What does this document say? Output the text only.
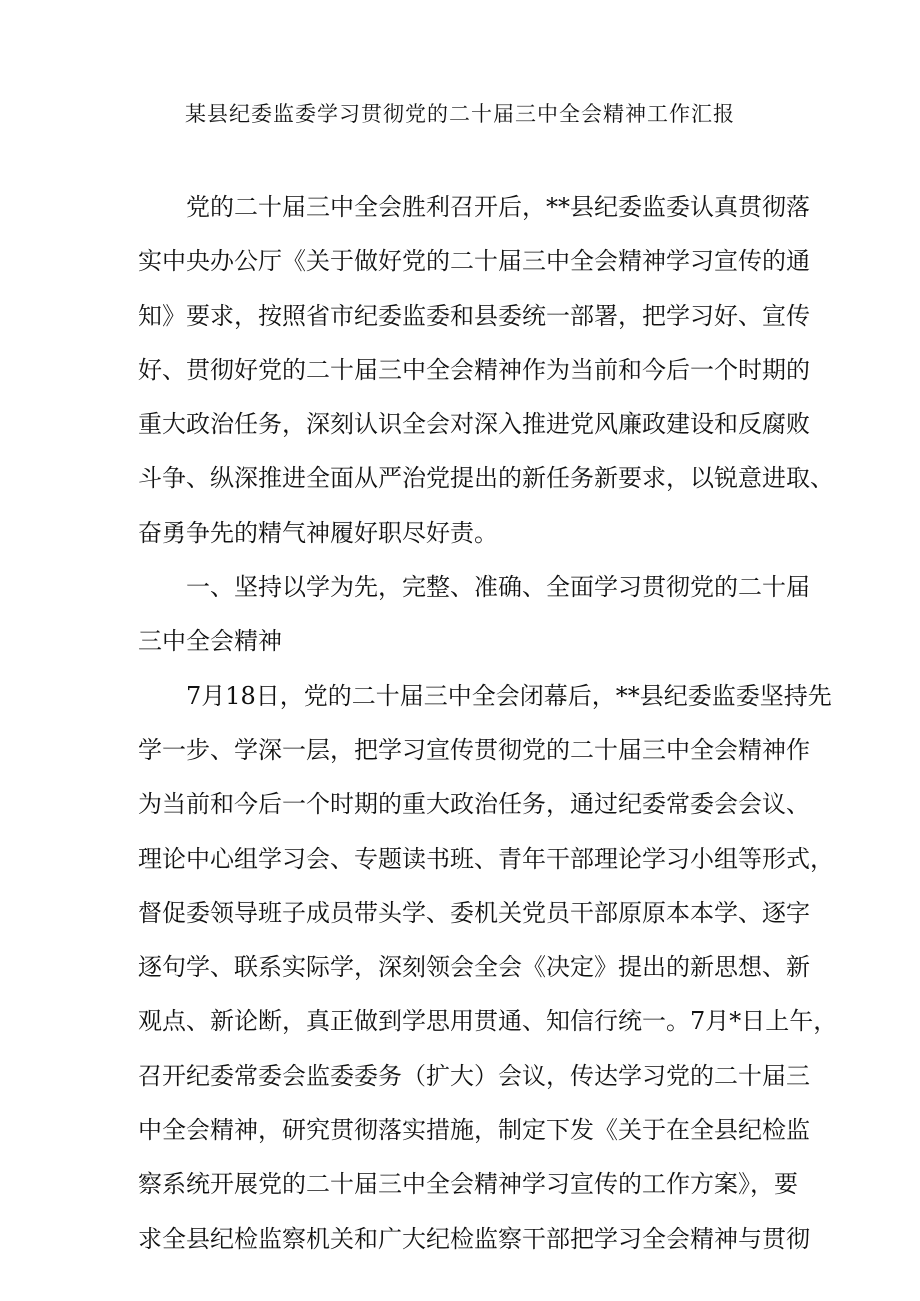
某县纪委监委学习贯彻党的二十届三中全会精神工作汇报
党的二十届三中全会胜利召开后，**县纪委监委认真贯彻落
实中央办公厅《关于做好党的二十届三中全会精神学习宣传的通
知》要求，按照省市纪委监委和县委统一部署，把学习好、宣传
好、贯彻好党的二十届三中全会精神作为当前和今后一个时期的
重大政治任务，深刻认识全会对深入推进党风廉政建设和反腐败
斗争、纵深推进全面从严治党提出的新任务新要求，以锐意进取、
奋勇争先的精气神履好职尽好责。
一、坚持以学为先，完整、准确、全面学习贯彻党的二十届
三中全会精神
7月18日，党的二十届三中全会闭幕后，**县纪委监委坚持先
学一步、学深一层，把学习宣传贯彻党的二十届三中全会精神作
为当前和今后一个时期的重大政治任务，通过纪委常委会会议、
理论中心组学习会、专题读书班、青年干部理论学习小组等形式，
督促委领导班子成员带头学、委机关党员干部原原本本学、逐字
逐句学、联系实际学，深刻领会全会《决定》提出的新思想、新
观点、新论断，真正做到学思用贯通、知信行统一。7月*日上午，
召开纪委常委会监委委务（扩大）会议，传达学习党的二十届三
中全会精神，研究贯彻落实措施，制定下发《关于在全县纪检监
察系统开展党的二十届三中全会精神学习宣传的工作方案》，要
求全县纪检监察机关和广大纪检监察干部把学习全会精神与贯彻
